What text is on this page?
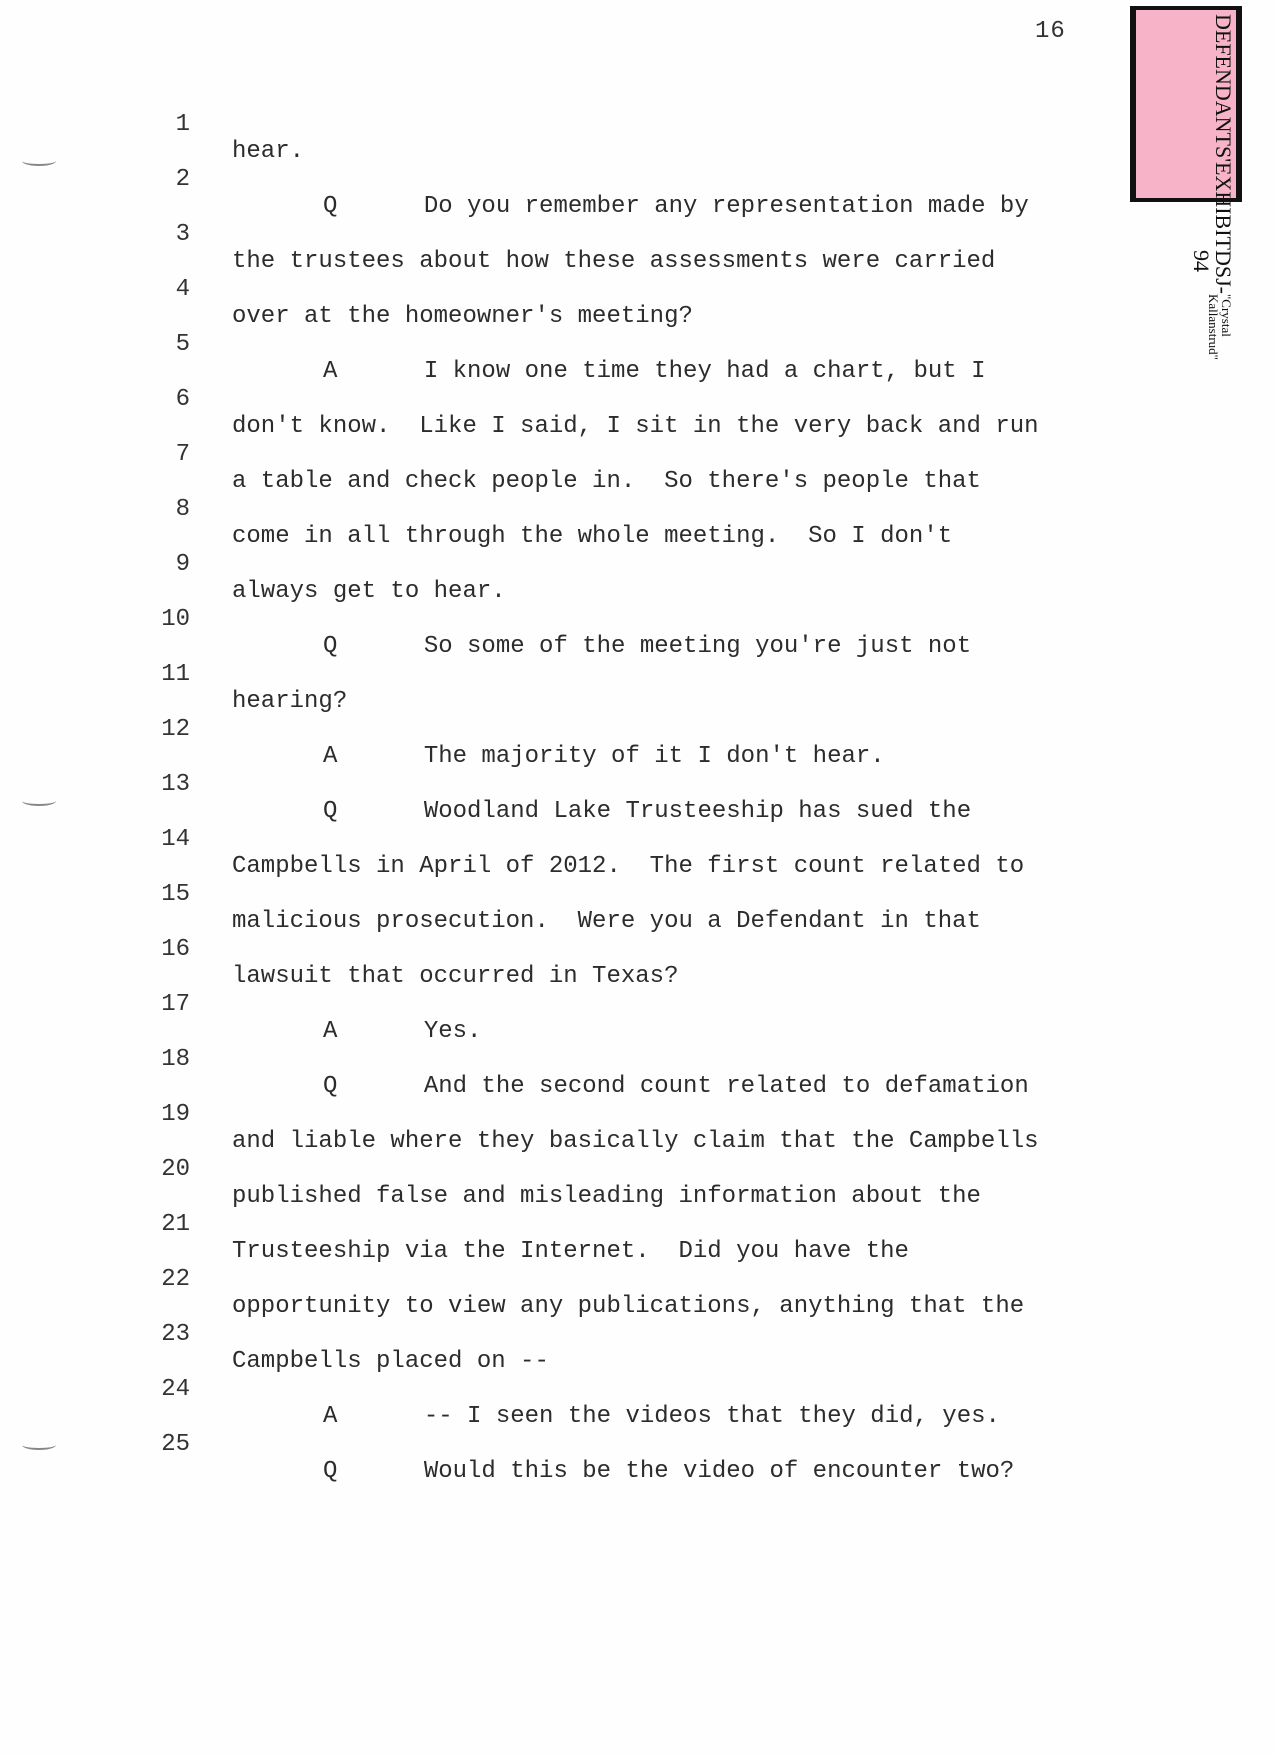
16	DEFENDANTS'
EXHIBIT
DSJ-94
"Crystal Kallanstrud"

1

hear.

2

Q      Do you remember any representation made by

3

the trustees about how these assessments were carried

4

over at the homeowner's meeting?

5

A      I know one time they had a chart, but I

6

don't know.  Like I said, I sit in the very back and run

7

a table and check people in.  So there's people that

8

come in all through the whole meeting.  So I don't

9

always get to hear.

10

Q      So some of the meeting you're just not

11

hearing?

12

A      The majority of it I don't hear.

13

Q      Woodland Lake Trusteeship has sued the

14

Campbells in April of 2012.  The first count related to

15

malicious prosecution.  Were you a Defendant in that

16

lawsuit that occurred in Texas?

17

A      Yes.

18

Q      And the second count related to defamation

19

and liable where they basically claim that the Campbells

20

published false and misleading information about the

21

Trusteeship via the Internet.  Did you have the

22

opportunity to view any publications, anything that the

23

Campbells placed on --

24

A      -- I seen the videos that they did, yes.

25

Q      Would this be the video of encounter two?
